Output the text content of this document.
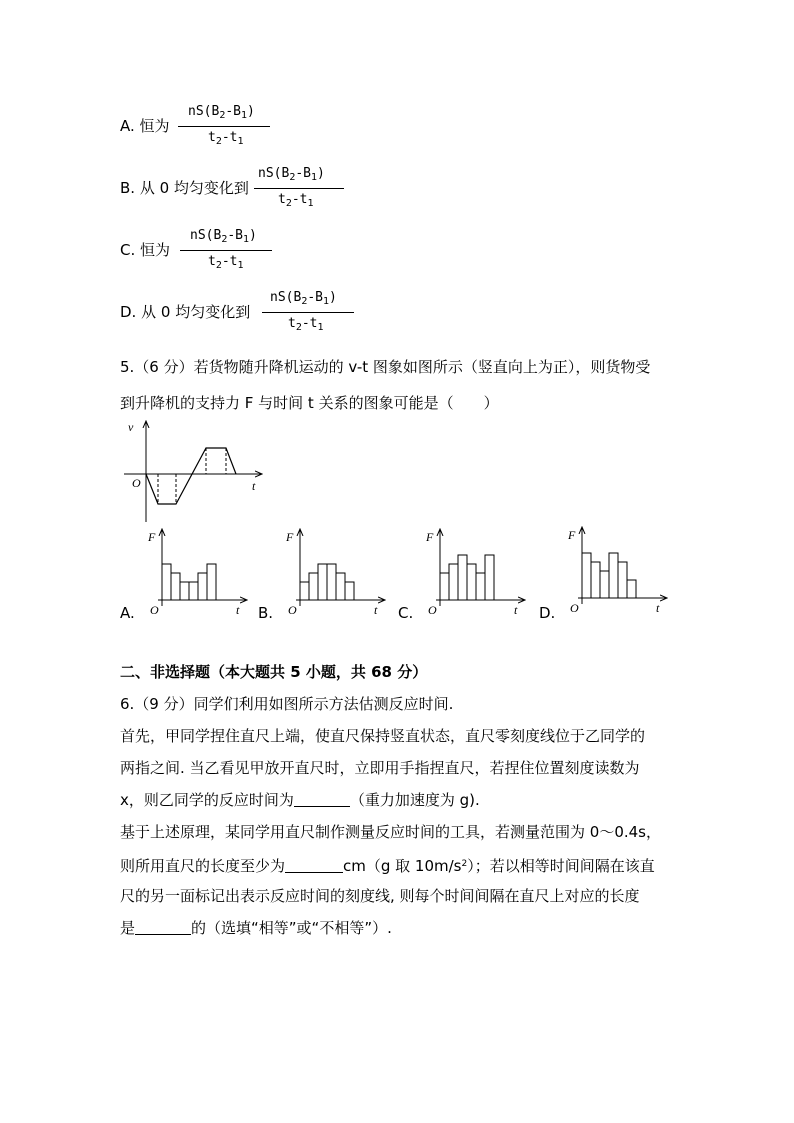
A. 恒为
$nS(B_2-B_1)$
$t_2-t_1$
B. 从 0 均匀变化到
$nS(B_2-B_1)$
$t_2-t_1$
C. 恒为
$nS(B_2-B_1)$
$t_2-t_1$
D. 从 0 均匀变化到
$nS(B_2-B_1)$
$t_2-t_1$
5.（6 分）若货物随升降机运动的 v-t 图象如图所示（竖直向上为正），则货物受
到升降机的支持力 F 与时间 t 关系的图象可能是（　　）
v
O	t
A.
F
O	t B.
F
O	t C.
F
O	t D.
F
O	t
二、非选择题（本大题共 5 小题，共 68 分）
6.（9 分）同学们利用如图所示方法估测反应时间.
首先，甲同学捏住直尺上端，使直尺保持竖直状态，直尺零刻度线位于乙同学的
两指之间. 当乙看见甲放开直尺时，立即用手指捏直尺，若捏住位置刻度读数为
x，则乙同学的反应时间为	（重力加速度为 g).
基于上述原理，某同学用直尺制作测量反应时间的工具，若测量范围为 0～0.4s，
则所用直尺的长度至少为	cm（g 取 $10m/s^2$）；若以相等时间间隔在该直
尺的另一面标记出表示反应时间的刻度线, 则每个时间间隔在直尺上对应的长度
是	的（选填“相等”或“不相等”）.
